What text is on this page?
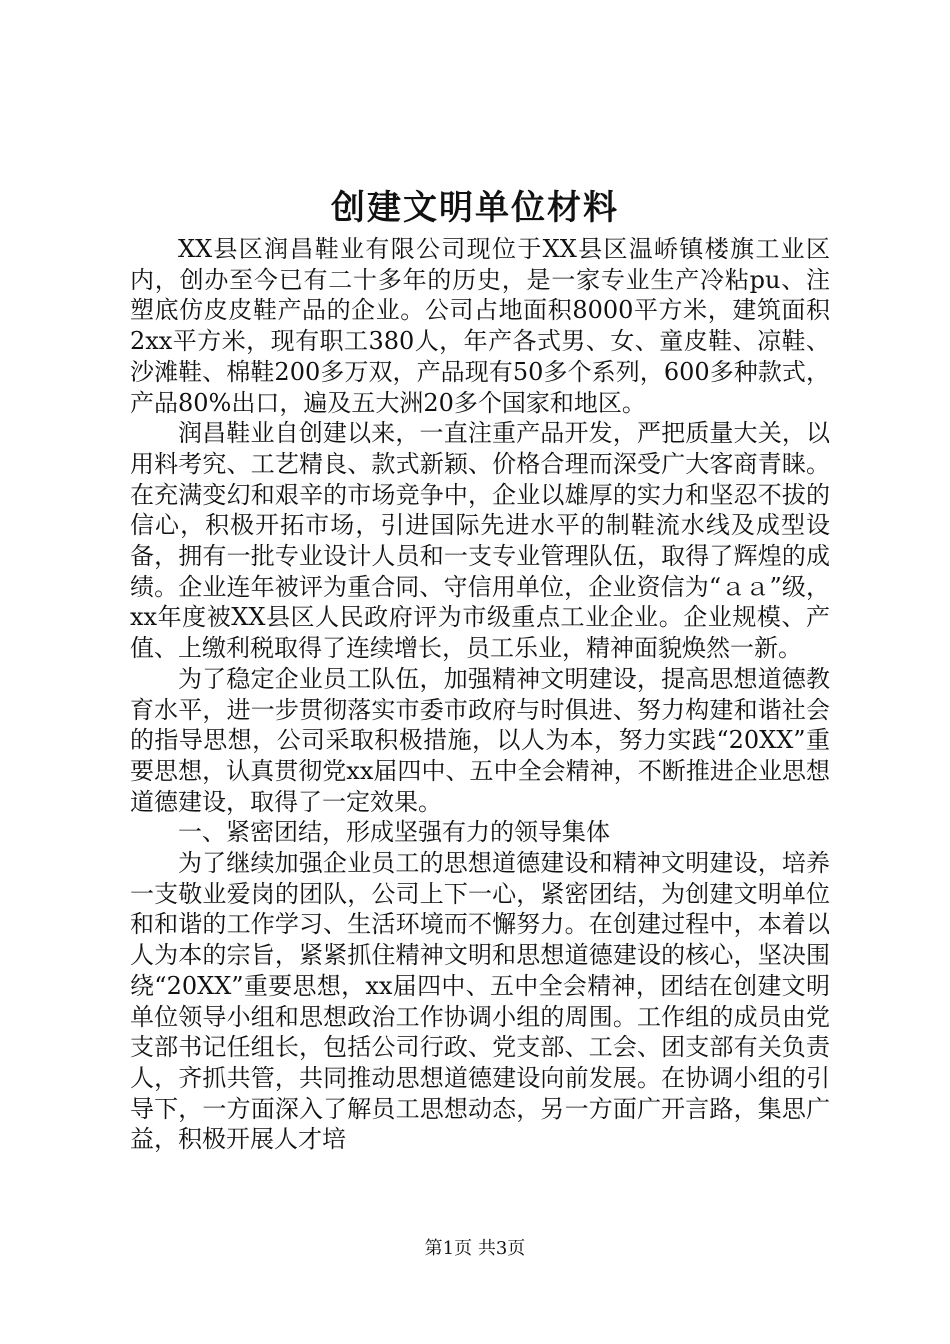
创建文明单位材料

XX县区润昌鞋业有限公司现位于XX县区温峤镇楼旗工业区内，创办至今已有二十多年的历史，是一家专业生产冷粘pu、注塑底仿皮皮鞋产品的企业。公司占地面积8000平方米，建筑面积2xx平方米，现有职工380人，年产各式男、女、童皮鞋、凉鞋、沙滩鞋、棉鞋200多万双，产品现有50多个系列，600多种款式，产品80%出口，遍及五大洲20多个国家和地区。

润昌鞋业自创建以来，一直注重产品开发，严把质量大关，以用料考究、工艺精良、款式新颖、价格合理而深受广大客商青睐。在充满变幻和艰辛的市场竞争中，企业以雄厚的实力和坚忍不拔的信心，积极开拓市场，引进国际先进水平的制鞋流水线及成型设备，拥有一批专业设计人员和一支专业管理队伍，取得了辉煌的成绩。企业连年被评为重合同、守信用单位，企业资信为“ａａ”级，xx年度被XX县区人民政府评为市级重点工业企业。企业规模、产值、上缴利税取得了连续增长，员工乐业，精神面貌焕然一新。

为了稳定企业员工队伍，加强精神文明建设，提高思想道德教育水平，进一步贯彻落实市委市政府与时俱进、努力构建和谐社会的指导思想，公司采取积极措施，以人为本，努力实践“20XX”重要思想，认真贯彻党xx届四中、五中全会精神，不断推进企业思想道德建设，取得了一定效果。

一、紧密团结，形成坚强有力的领导集体

为了继续加强企业员工的思想道德建设和精神文明建设，培养一支敬业爱岗的团队，公司上下一心，紧密团结，为创建文明单位和和谐的工作学习、生活环境而不懈努力。在创建过程中，本着以人为本的宗旨，紧紧抓住精神文明和思想道德建设的核心，坚决围绕“20XX”重要思想，xx届四中、五中全会精神，团结在创建文明单位领导小组和思想政治工作协调小组的周围。工作组的成员由党支部书记任组长，包括公司行政、党支部、工会、团支部有关负责人，齐抓共管，共同推动思想道德建设向前发展。在协调小组的引导下，一方面深入了解员工思想动态，另一方面广开言路，集思广益，积极开展人才培

第1页 共3页
